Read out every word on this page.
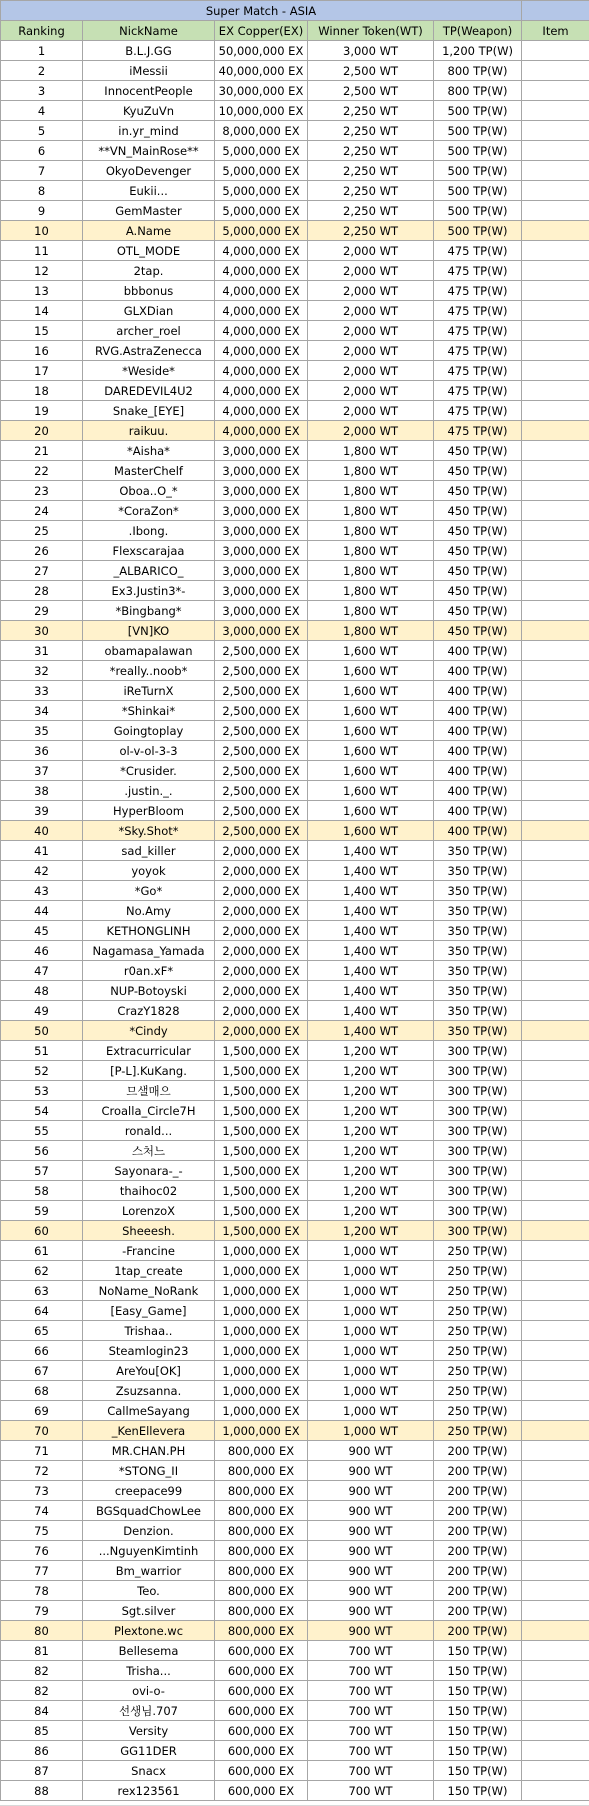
Super Match - ASIA					
Ranking	NickName	EX Copper(EX)	Winner Token(WT)	TP(Weapon)	Item
1	B.L.J.GG	50,000,000 EX	3,000 WT	1,200 TP(W)	
2	iMessii	40,000,000 EX	2,500 WT	800 TP(W)	
3	InnocentPeople	30,000,000 EX	2,500 WT	800 TP(W)	
4	KyuZuVn	10,000,000 EX	2,250 WT	500 TP(W)	
5	in.yr_mind	8,000,000 EX	2,250 WT	500 TP(W)	
6	**VN_MainRose**	5,000,000 EX	2,250 WT	500 TP(W)	
7	OkyoDevenger	5,000,000 EX	2,250 WT	500 TP(W)	
8	Eukii...	5,000,000 EX	2,250 WT	500 TP(W)	
9	GemMaster	5,000,000 EX	2,250 WT	500 TP(W)	
10	A.Name	5,000,000 EX	2,250 WT	500 TP(W)	
11	OTL_MODE	4,000,000 EX	2,000 WT	475 TP(W)	
12	2tap.	4,000,000 EX	2,000 WT	475 TP(W)	
13	bbbonus	4,000,000 EX	2,000 WT	475 TP(W)	
14	GLXDian	4,000,000 EX	2,000 WT	475 TP(W)	
15	archer_roel	4,000,000 EX	2,000 WT	475 TP(W)	
16	RVG.AstraZenecca	4,000,000 EX	2,000 WT	475 TP(W)	
17	*Weside*	4,000,000 EX	2,000 WT	475 TP(W)	
18	DAREDEVIL4U2	4,000,000 EX	2,000 WT	475 TP(W)	
19	Snake_[EYE]	4,000,000 EX	2,000 WT	475 TP(W)	
20	raikuu.	4,000,000 EX	2,000 WT	475 TP(W)	
21	*Aisha*	3,000,000 EX	1,800 WT	450 TP(W)	
22	MasterChelf	3,000,000 EX	1,800 WT	450 TP(W)	
23	Oboa..O_*	3,000,000 EX	1,800 WT	450 TP(W)	
24	*CoraZon*	3,000,000 EX	1,800 WT	450 TP(W)	
25	.Ibong.	3,000,000 EX	1,800 WT	450 TP(W)	
26	Flexscarajaa	3,000,000 EX	1,800 WT	450 TP(W)	
27	_ALBARICO_	3,000,000 EX	1,800 WT	450 TP(W)	
28	Ex3.Justin3*-	3,000,000 EX	1,800 WT	450 TP(W)	
29	*Bingbang*	3,000,000 EX	1,800 WT	450 TP(W)	
30	[VN]KO	3,000,000 EX	1,800 WT	450 TP(W)	
31	obamapalawan	2,500,000 EX	1,600 WT	400 TP(W)	
32	*really..noob*	2,500,000 EX	1,600 WT	400 TP(W)	
33	iReTurnX	2,500,000 EX	1,600 WT	400 TP(W)	
34	*Shinkai*	2,500,000 EX	1,600 WT	400 TP(W)	
35	Goingtoplay	2,500,000 EX	1,600 WT	400 TP(W)	
36	ol-v-ol-3-3	2,500,000 EX	1,600 WT	400 TP(W)	
37	*Crusider.	2,500,000 EX	1,600 WT	400 TP(W)	
38	.justin._.	2,500,000 EX	1,600 WT	400 TP(W)	
39	HyperBloom	2,500,000 EX	1,600 WT	400 TP(W)	
40	*Sky.Shot*	2,500,000 EX	1,600 WT	400 TP(W)	
41	sad_killer	2,000,000 EX	1,400 WT	350 TP(W)	
42	yoyok	2,000,000 EX	1,400 WT	350 TP(W)	
43	*Go*	2,000,000 EX	1,400 WT	350 TP(W)	
44	No.Amy	2,000,000 EX	1,400 WT	350 TP(W)	
45	KETHONGLINH	2,000,000 EX	1,400 WT	350 TP(W)	
46	Nagamasa_Yamada	2,000,000 EX	1,400 WT	350 TP(W)	
47	r0an.xF*	2,000,000 EX	1,400 WT	350 TP(W)	
48	NUP-Botoyski	2,000,000 EX	1,400 WT	350 TP(W)	
49	CrazY1828	2,000,000 EX	1,400 WT	350 TP(W)	
50	*Cindy	2,000,000 EX	1,400 WT	350 TP(W)	
51	Extracurricular	1,500,000 EX	1,200 WT	300 TP(W)	
52	[P-L].KuKang.	1,500,000 EX	1,200 WT	300 TP(W)	
53	므샐매으	1,500,000 EX	1,200 WT	300 TP(W)	
54	Croalla_Circle7H	1,500,000 EX	1,200 WT	300 TP(W)	
55	ronald...	1,500,000 EX	1,200 WT	300 TP(W)	
56	스처느	1,500,000 EX	1,200 WT	300 TP(W)	
57	Sayonara-_-	1,500,000 EX	1,200 WT	300 TP(W)	
58	thaihoc02	1,500,000 EX	1,200 WT	300 TP(W)	
59	LorenzoX	1,500,000 EX	1,200 WT	300 TP(W)	
60	Sheeesh.	1,500,000 EX	1,200 WT	300 TP(W)	
61	-Francine	1,000,000 EX	1,000 WT	250 TP(W)	
62	1tap_create	1,000,000 EX	1,000 WT	250 TP(W)	
63	NoName_NoRank	1,000,000 EX	1,000 WT	250 TP(W)	
64	[Easy_Game]	1,000,000 EX	1,000 WT	250 TP(W)	
65	Trishaa..	1,000,000 EX	1,000 WT	250 TP(W)	
66	Steamlogin23	1,000,000 EX	1,000 WT	250 TP(W)	
67	AreYou[OK]	1,000,000 EX	1,000 WT	250 TP(W)	
68	Zsuzsanna.	1,000,000 EX	1,000 WT	250 TP(W)	
69	CallmeSayang	1,000,000 EX	1,000 WT	250 TP(W)	
70	_KenEllevera	1,000,000 EX	1,000 WT	250 TP(W)	
71	MR.CHAN.PH	800,000 EX	900 WT	200 TP(W)	
72	*STONG_II	800,000 EX	900 WT	200 TP(W)	
73	creepace99	800,000 EX	900 WT	200 TP(W)	
74	BGSquadChowLee	800,000 EX	900 WT	200 TP(W)	
75	Denzion.	800,000 EX	900 WT	200 TP(W)	
76	...NguyenKimtinh	800,000 EX	900 WT	200 TP(W)	
77	Bm_warrior	800,000 EX	900 WT	200 TP(W)	
78	Teo.	800,000 EX	900 WT	200 TP(W)	
79	Sgt.silver	800,000 EX	900 WT	200 TP(W)	
80	Plextone.wc	800,000 EX	900 WT	200 TP(W)	
81	Bellesema	600,000 EX	700 WT	150 TP(W)	
82	Trisha...	600,000 EX	700 WT	150 TP(W)	
82	ovi-o-	600,000 EX	700 WT	150 TP(W)	
84	선생님.707	600,000 EX	700 WT	150 TP(W)	
85	Versity	600,000 EX	700 WT	150 TP(W)	
86	GG11DER	600,000 EX	700 WT	150 TP(W)	
87	Snacx	600,000 EX	700 WT	150 TP(W)	
88	rex123561	600,000 EX	700 WT	150 TP(W)	
